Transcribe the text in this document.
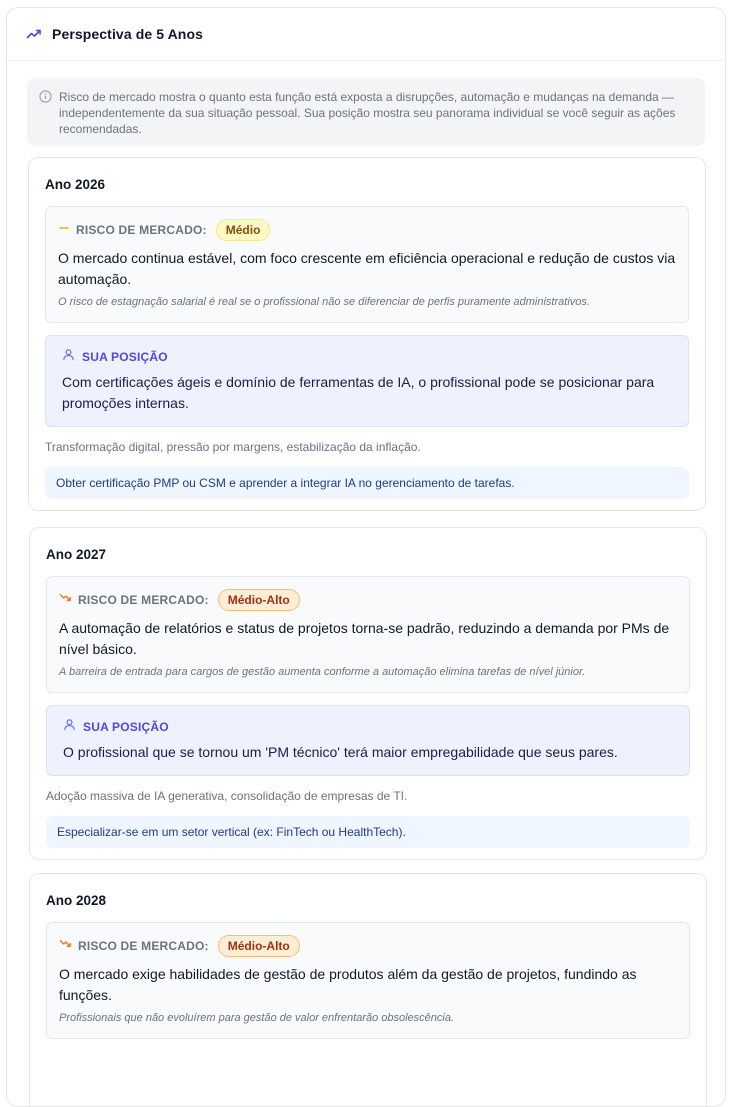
Perspectiva de 5 Anos
Risco de mercado mostra o quanto esta função está exposta a disrupções, automação e mudanças na demanda — independentemente da sua situação pessoal. Sua posição mostra seu panorama individual se você seguir as ações recomendadas.
Ano 2026
RISCO DE MERCADO:	Médio
O mercado continua estável, com foco crescente em eficiência operacional e redução de custos via automação.
O risco de estagnação salarial é real se o profissional não se diferenciar de perfis puramente administrativos.
SUA POSIÇÃO
Com certificações ágeis e domínio de ferramentas de IA, o profissional pode se posicionar para promoções internas.
Transformação digital, pressão por margens, estabilização da inflação.
Obter certificação PMP ou CSM e aprender a integrar IA no gerenciamento de tarefas.
Ano 2027
RISCO DE MERCADO:	Médio-Alto
A automação de relatórios e status de projetos torna-se padrão, reduzindo a demanda por PMs de nível básico.
A barreira de entrada para cargos de gestão aumenta conforme a automação elimina tarefas de nível júnior.
SUA POSIÇÃO
O profissional que se tornou um 'PM técnico' terá maior empregabilidade que seus pares.
Adoção massiva de IA generativa, consolidação de empresas de TI.
Especializar-se em um setor vertical (ex: FinTech ou HealthTech).
Ano 2028
RISCO DE MERCADO:	Médio-Alto
O mercado exige habilidades de gestão de produtos além da gestão de projetos, fundindo as funções.
Profissionais que não evoluírem para gestão de valor enfrentarão obsolescência.
